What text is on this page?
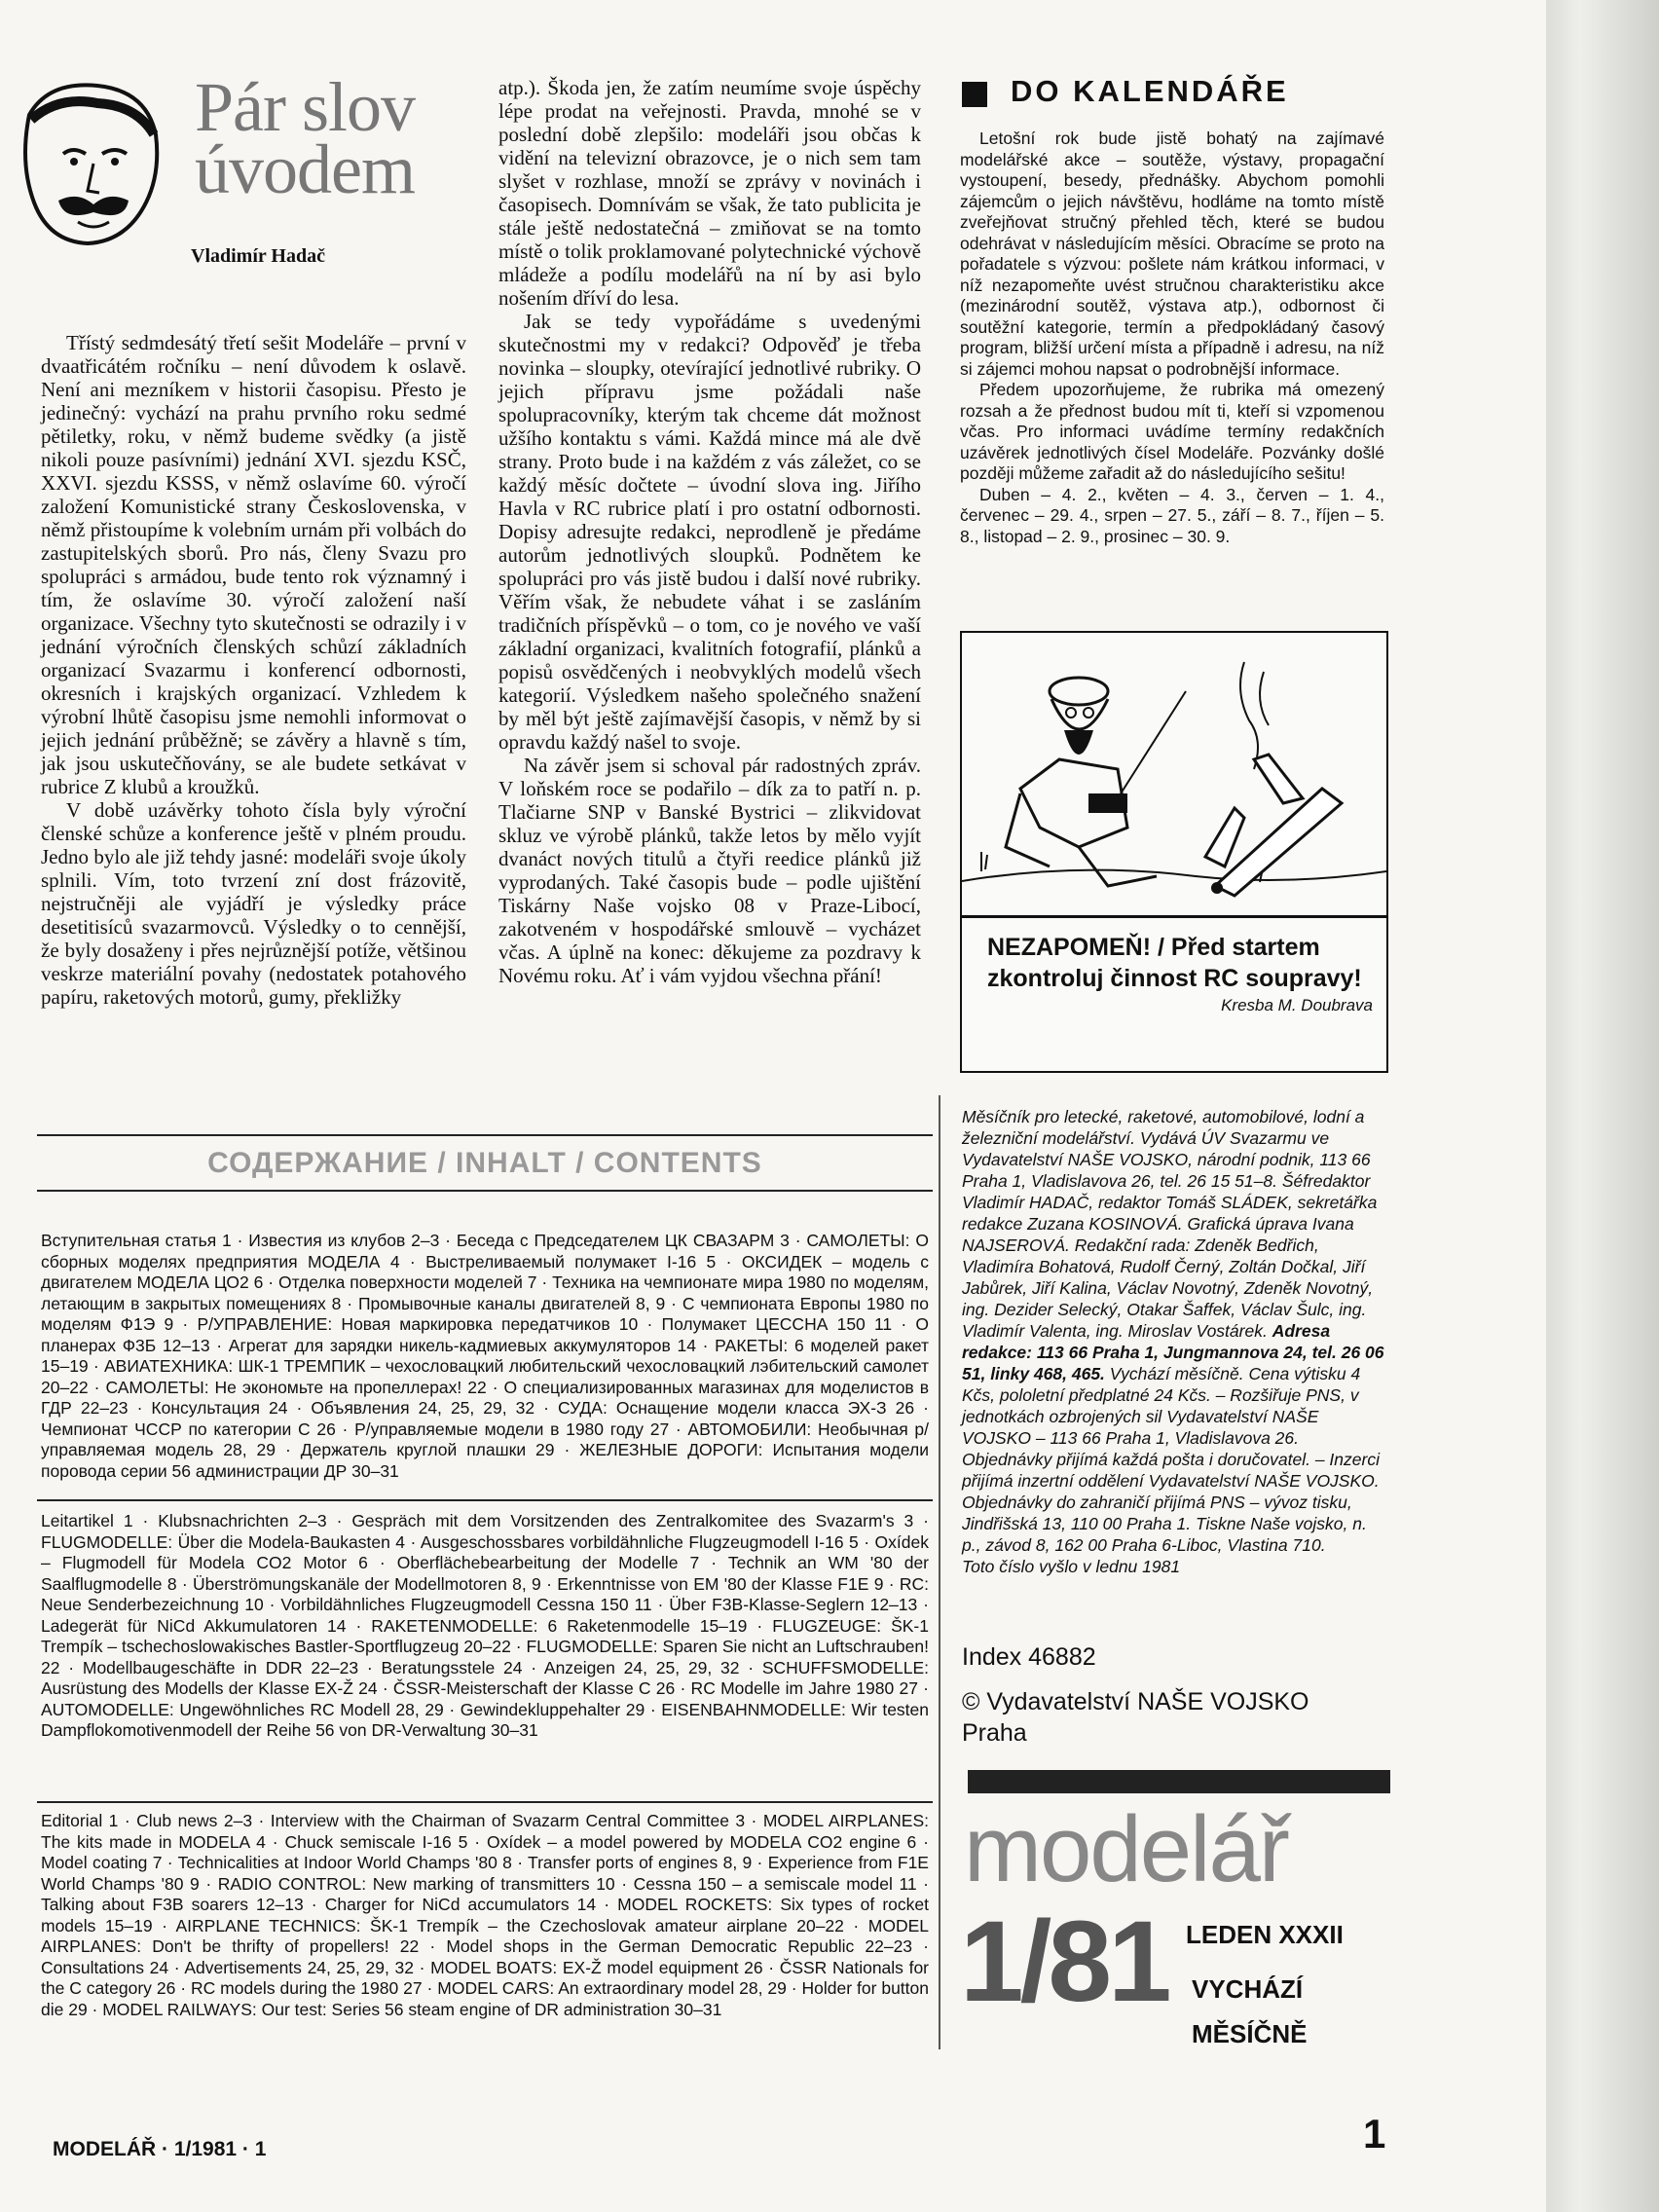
Pár slov
úvodem
Vladimír Hadač

Třístý sedmdesátý třetí sešit Modeláře – první v dvaatřicátém ročníku – není důvodem k oslavě. Není ani mezníkem v historii časopisu. Přesto je jedinečný: vychází na prahu prvního roku sedmé pětiletky, roku, v němž budeme svědky (a jistě nikoli pouze pasívními) jednání XVI. sjezdu KSČ, XXVI. sjezdu KSSS, v němž oslavíme 60. výročí založení Komunistické strany Československa, v němž přistoupíme k volebním urnám při volbách do zastupitelských sborů. Pro nás, členy Svazu pro spolupráci s armádou, bude tento rok významný i tím, že oslavíme 30. výročí založení naší organizace. Všechny tyto skutečnosti se odrazily i v jednání výročních členských schůzí základních organizací Svazarmu i konferencí odbornosti, okresních i krajských organizací. Vzhledem k výrobní lhůtě časopisu jsme nemohli informovat o jejich jednání průběžně; se závěry a hlavně s tím, jak jsou uskutečňovány, se ale budete setkávat v rubrice Z klubů a kroužků.

V době uzávěrky tohoto čísla byly výroční členské schůze a konference ještě v plném proudu. Jedno bylo ale již tehdy jasné: modeláři svoje úkoly splnili. Vím, toto tvrzení zní dost frázovitě, nejstručněji ale vyjádří je výsledky práce desetitisíců svazarmovců. Výsledky o to cennější, že byly dosaženy i přes nejrůznější potíže, většinou veskrze materiální povahy (nedostatek potahového papíru, raketových motorů, gumy, překližky

atp.). Škoda jen, že zatím neumíme svoje úspěchy lépe prodat na veřejnosti. Pravda, mnohé se v poslední době zlepšilo: modeláři jsou občas k vidění na televizní obrazovce, je o nich sem tam slyšet v rozhlase, množí se zprávy v novinách i časopisech. Domnívám se však, že tato publicita je stále ještě nedostatečná – zmiňovat se na tomto místě o tolik proklamované polytechnické výchově mládeže a podílu modelářů na ní by asi bylo nošením dříví do lesa.

Jak se tedy vypořádáme s uvedenými skutečnostmi my v redakci? Odpověď je třeba novinka – sloupky, otevírající jednotlivé rubriky. O jejich přípravu jsme požádali naše spolupracovníky, kterým tak chceme dát možnost užšího kontaktu s vámi. Každá mince má ale dvě strany. Proto bude i na každém z vás záležet, co se každý měsíc dočtete – úvodní slova ing. Jiřího Havla v RC rubrice platí i pro ostatní odbornosti. Dopisy adresujte redakci, neprodleně je předáme autorům jednotlivých sloupků. Podnětem ke spolupráci pro vás jistě budou i další nové rubriky. Věřím však, že nebudete váhat i se zasláním tradičních příspěvků – o tom, co je nového ve vaší základní organizaci, kvalitních fotografií, plánků a popisů osvědčených i neobvyklých modelů všech kategorií. Výsledkem našeho společného snažení by měl být ještě zajímavější časopis, v němž by si opravdu každý našel to svoje.

Na závěr jsem si schoval pár radostných zpráv. V loňském roce se podařilo – dík za to patří n. p. Tlačiarne SNP v Banské Bystrici – zlikvidovat skluz ve výrobě plánků, takže letos by mělo vyjít dvanáct nových titulů a čtyři reedice plánků již vyprodaných. Také časopis bude – podle ujištění Tiskárny Naše vojsko 08 v Praze-Libocí, zakotveném v hospodářské smlouvě – vycházet včas. A úplně na konec: děkujeme za pozdravy k Novému roku. Ať i vám vyjdou všechna přání!

DO KALENDÁŘE

Letošní rok bude jistě bohatý na zajímavé modelářské akce – soutěže, výstavy, propagační vystoupení, besedy, přednášky. Abychom pomohli zájemcům o jejich návštěvu, hodláme na tomto místě zveřejňovat stručný přehled těch, které se budou odehrávat v následujícím měsíci. Obracíme se proto na pořadatele s výzvou: pošlete nám krátkou informaci, v níž nezapomeňte uvést stručnou charakteristiku akce (mezinárodní soutěž, výstava atp.), odbornost či soutěžní kategorie, termín a předpokládaný časový program, bližší určení místa a případně i adresu, na níž si zájemci mohou napsat o podrobnější informace.

Předem upozorňujeme, že rubrika má omezený rozsah a že přednost budou mít ti, kteří si vzpomenou včas. Pro informaci uvádíme termíny redakčních uzávěrek jednotlivých čísel Modeláře. Pozvánky došlé později můžeme zařadit až do následujícího sešitu!

Duben – 4. 2., květen – 4. 3., červen – 1. 4., červenec – 29. 4., srpen – 27. 5., září – 8. 7., říjen – 5. 8., listopad – 2. 9., prosinec – 30. 9.

NEZAPOMEŇ! / Před startem zkontroluj činnost RC soupravy!
Kresba M. Doubrava
СОДЕРЖАНИЕ / INHALT / CONTENTS
Вступительная статья 1 · Известия из клубов 2–3 · Беседа с Председателем ЦК СВАЗАРМ 3 · САМОЛЕТЫ: О сборных моделях предприятия МОДЕЛА 4 · Выстреливаемый полумакет I-16 5 · ОКСИДЕК – модель с двигателем МОДЕЛА ЦО2 6 · Отделка поверхности моделей 7 · Техника на чемпионате мира 1980 по моделям, летающим в закрытых помещениях 8 · Промывочные каналы двигателей 8, 9 · С чемпионата Европы 1980 по моделям Ф1Э 9 · Р/УПРАВЛЕНИЕ: Новая маркировка передатчиков 10 · Полумакет ЦЕССНА 150 11 · О планерах Ф3Б 12–13 · Агрегат для зарядки никель-кадмиевых аккумуляторов 14 · РАКЕТЫ: 6 моделей ракет 15–19 · АВИАТЕХНИКА: ШК-1 ТРЕМПИК – чехословацкий любительский чехословацкий лэбительский самолет 20–22 · САМОЛЕТЫ: Не экономьте на пропеллерах! 22 · О специализированных магазинах для моделистов в ГДР 22–23 · Консультация 24 · Объявления 24, 25, 29, 32 · СУДА: Оснащение модели класса ЭХ-З 26 · Чемпионат ЧССР по категории С 26 · Р/управляемые модели в 1980 году 27 · АВТОМОБИЛИ: Необычная р/управляемая модель 28, 29 · Держатель круглой плашки 29 · ЖЕЛЕЗНЫЕ ДОРОГИ: Испытания модели поровода серии 56 администрации ДР 30–31
Leitartikel 1 · Klubsnachrichten 2–3 · Gespräch mit dem Vorsitzenden des Zentralkomitee des Svazarm's 3 · FLUGMODELLE: Über die Modela-Baukasten 4 · Ausgeschossbares vorbildähnliche Flugzeugmodell I-16 5 · Oxídek – Flugmodell für Modela CO2 Motor 6 · Oberflächebearbeitung der Modelle 7 · Technik an WM '80 der Saalflugmodelle 8 · Überströmungskanäle der Modellmotoren 8, 9 · Erkenntnisse von EM '80 der Klasse F1E 9 · RC: Neue Senderbezeichnung 10 · Vorbildähnliches Flugzeugmodell Cessna 150 11 · Über F3B-Klasse-Seglern 12–13 · Ladegerät für NiCd Akkumulatoren 14 · RAKETENMODELLE: 6 Raketenmodelle 15–19 · FLUGZEUGE: ŠK-1 Trempík – tschechoslowakisches Bastler-Sportflugzeug 20–22 · FLUGMODELLE: Sparen Sie nicht an Luftschrauben! 22 · Modellbaugeschäfte in DDR 22–23 · Beratungsstele 24 · Anzeigen 24, 25, 29, 32 · SCHUFFSMODELLE: Ausrüstung des Modells der Klasse EX-Ž 24 · ČSSR-Meisterschaft der Klasse C 26 · RC Modelle im Jahre 1980 27 · AUTOMODELLE: Ungewöhnliches RC Modell 28, 29 · Gewindekluppehalter 29 · EISENBAHNMODELLE: Wir testen Dampflokomotivenmodell der Reihe 56 von DR-Verwaltung 30–31
Editorial 1 · Club news 2–3 · Interview with the Chairman of Svazarm Central Committee 3 · MODEL AIRPLANES: The kits made in MODELA 4 · Chuck semiscale I-16 5 · Oxídek – a model powered by MODELA CO2 engine 6 · Model coating 7 · Technicalities at Indoor World Champs '80 8 · Transfer ports of engines 8, 9 · Experience from F1E World Champs '80 9 · RADIO CONTROL: New marking of transmitters 10 · Cessna 150 – a semiscale model 11 · Talking about F3B soarers 12–13 · Charger for NiCd accumulators 14 · MODEL ROCKETS: Six types of rocket models 15–19 · AIRPLANE TECHNICS: ŠK-1 Trempík – the Czechoslovak amateur airplane 20–22 · MODEL AIRPLANES: Don't be thrifty of propellers! 22 · Model shops in the German Democratic Republic 22–23 · Consultations 24 · Advertisements 24, 25, 29, 32 · MODEL BOATS: EX-Ž model equipment 26 · ČSSR Nationals for the C category 26 · RC models during the 1980 27 · MODEL CARS: An extraordinary model 28, 29 · Holder for button die 29 · MODEL RAILWAYS: Our test: Series 56 steam engine of DR administration 30–31
Měsíčník pro letecké, raketové, automobilové, lodní a železniční modelářství. Vydává ÚV Svazarmu ve Vydavatelství NAŠE VOJSKO, národní podnik, 113 66 Praha 1, Vladislavova 26, tel. 26 15 51–8. Šéfredaktor Vladimír HADAČ, redaktor Tomáš SLÁDEK, sekretářka redakce Zuzana KOSINOVÁ. Grafická úprava Ivana NAJSEROVÁ. Redakční rada: Zdeněk Bedřich, Vladimíra Bohatová, Rudolf Černý, Zoltán Dočkal, Jiří Jabůrek, Jiří Kalina, Václav Novotný, Zdeněk Novotný, ing. Dezider Selecký, Otakar Šaffek, Václav Šulc, ing. Vladimír Valenta, ing. Miroslav Vostárek. Adresa redakce: 113 66 Praha 1, Jungmannova 24, tel. 26 06 51, linky 468, 465. Vychází měsíčně. Cena výtisku 4 Kčs, pololetní předplatné 24 Kčs. – Rozšiřuje PNS, v jednotkách ozbrojených sil Vydavatelství NAŠE VOJSKO – 113 66 Praha 1, Vladislavova 26. Objednávky přijímá každá pošta i doručovatel. – Inzerci přijímá inzertní oddělení Vydavatelství NAŠE VOJSKO. Objednávky do zahraničí přijímá PNS – vývoz tisku, Jindřišská 13, 110 00 Praha 1. Tiskne Naše vojsko, n. p., závod 8, 162 00 Praha 6-Liboc, Vlastina 710.
Toto číslo vyšlo v lednu 1981
Index 46882
© Vydavatelství NAŠE VOJSKO Praha
modelář
1/81 LEDEN XXXII
VYCHÁZÍ
MĚSÍČNĚ
MODELÁŘ · 1/1981 · 1	1
